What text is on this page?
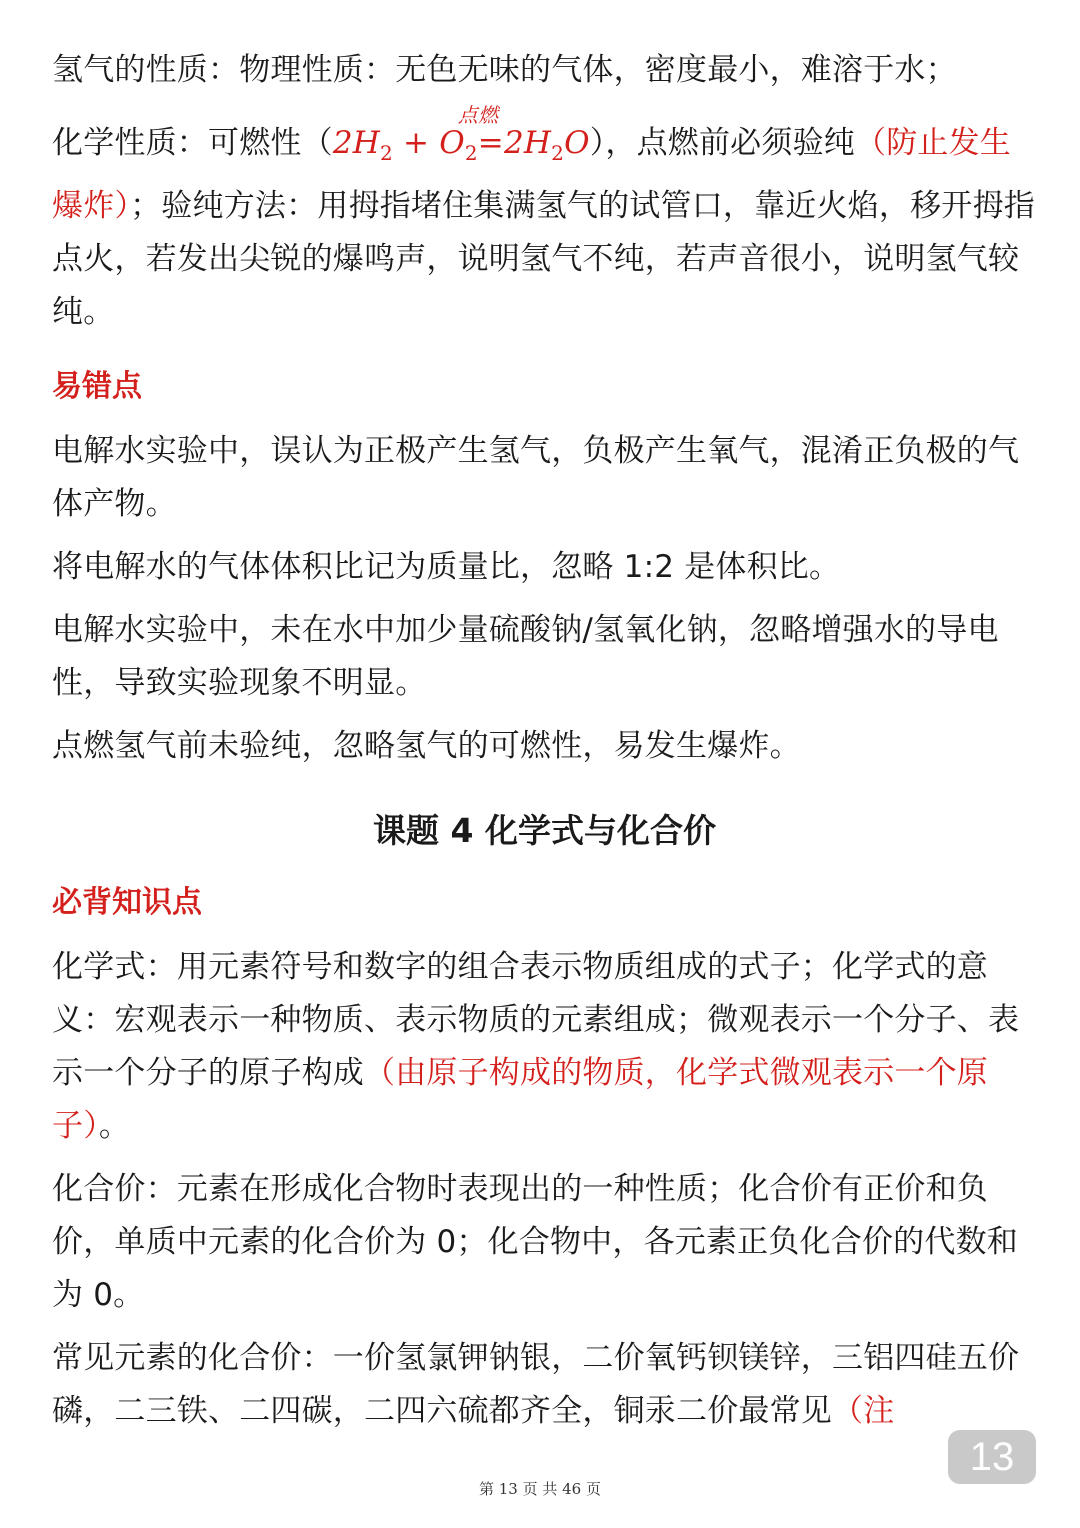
氢气的性质：物理性质：无色无味的气体，密度最小，难溶于水；

化学性质：可燃性（$2H_2 + O_2=$
点燃
$2H_2O$），点燃前必须验纯（防止发生爆炸）；验纯方法：用拇指堵住集满氢气的试管口，靠近火焰，移开拇指点火，若发出尖锐的爆鸣声，说明氢气不纯，若声音很小，说明氢气较纯。

易错点

电解水实验中，误认为正极产生氢气，负极产生氧气，混淆正负极的气体产物。

将电解水的气体体积比记为质量比，忽略 1:2 是体积比。

电解水实验中，未在水中加少量硫酸钠/氢氧化钠，忽略增强水的导电性，导致实验现象不明显。

点燃氢气前未验纯，忽略氢气的可燃性，易发生爆炸。

课题 4 化学式与化合价
必背知识点

化学式：用元素符号和数字的组合表示物质组成的式子；化学式的意义：宏观表示一种物质、表示物质的元素组成；微观表示一个分子、表示一个分子的原子构成（由原子构成的物质，化学式微观表示一个原子）。

化合价：元素在形成化合物时表现出的一种性质；化合价有正价和负价，单质中元素的化合价为 0；化合物中，各元素正负化合价的代数和为 0。

常见元素的化合价：一价氢氯钾钠银，二价氧钙钡镁锌，三铝四硅五价磷，二三铁、二四碳，二四六硫都齐全，铜汞二价最常见（注

13
第 13 页 共 46 页
